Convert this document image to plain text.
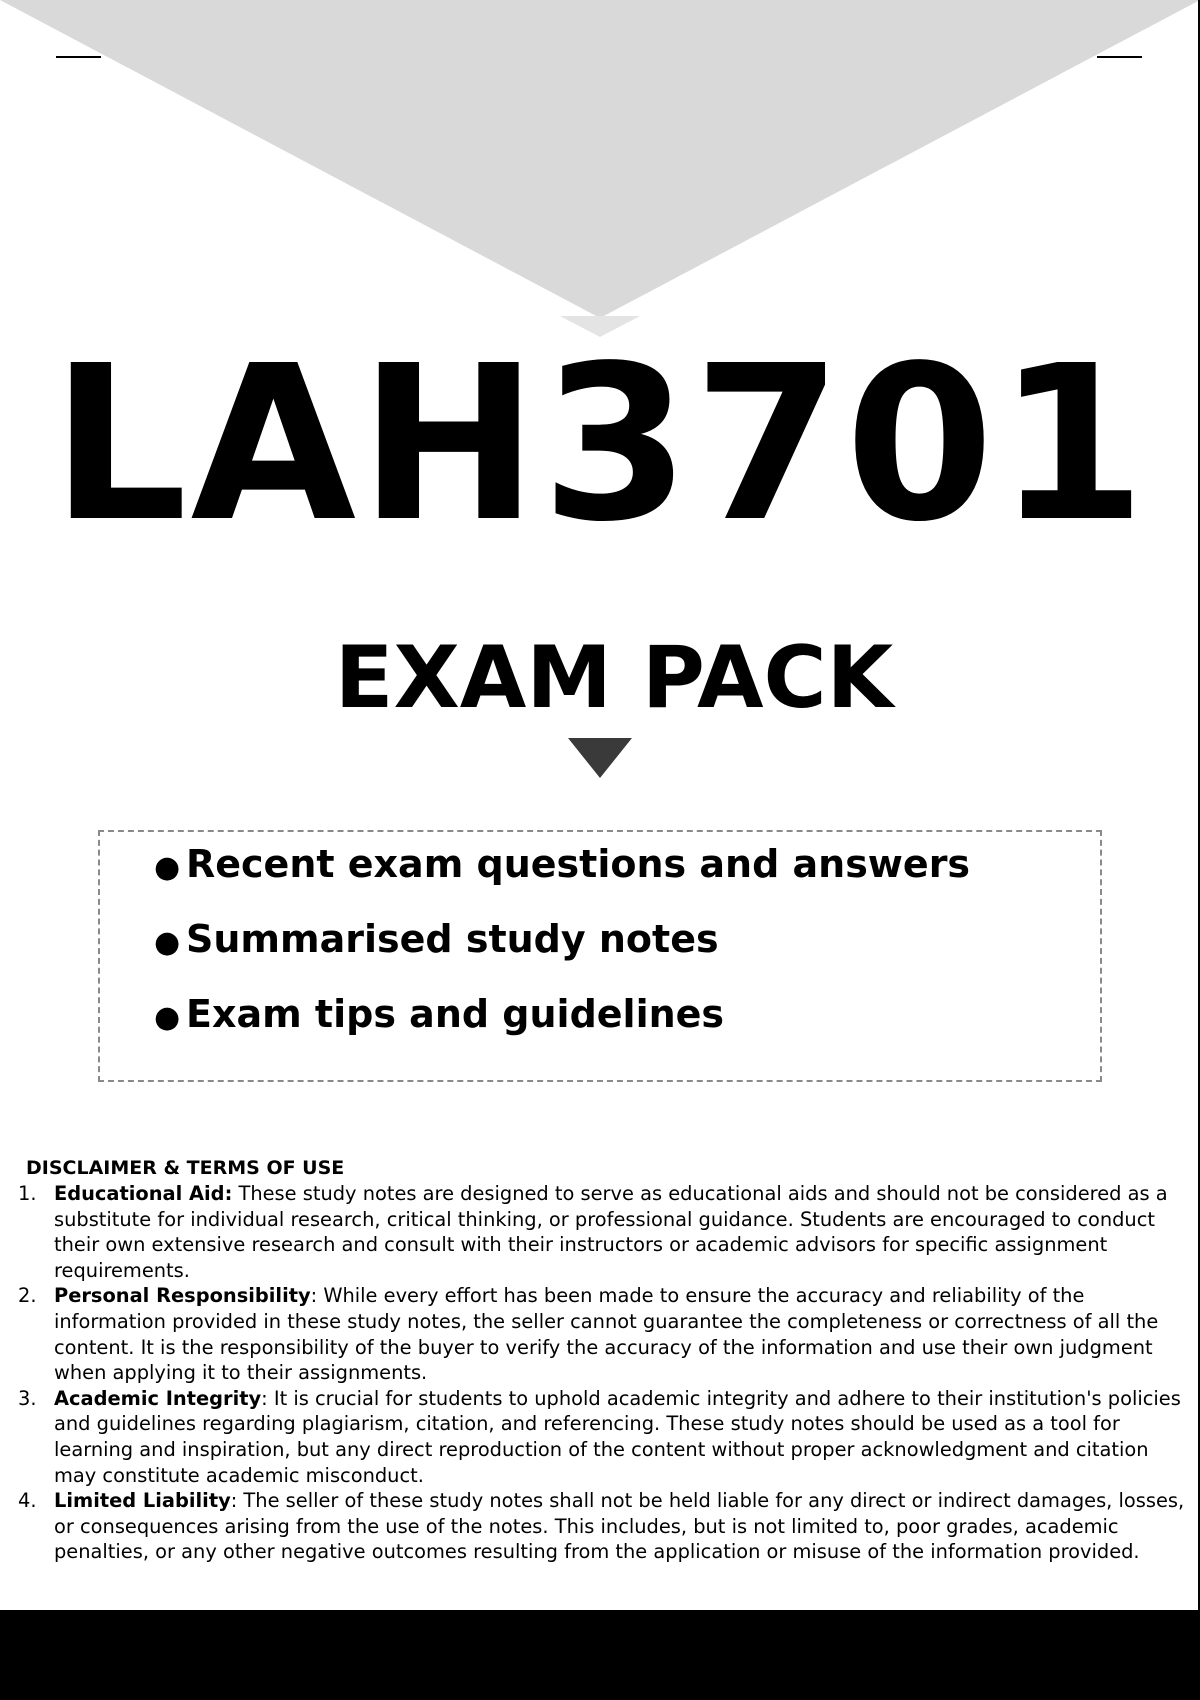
LAH3701
EXAM PACK
● Recent exam questions and answers
● Summarised study notes
● Exam tips and guidelines
DISCLAIMER & TERMS OF USE
1. Educational Aid: These study notes are designed to serve as educational aids and should not be considered as a substitute for individual research, critical thinking, or professional guidance. Students are encouraged to conduct their own extensive research and consult with their instructors or academic advisors for specific assignment requirements.
2. Personal Responsibility: While every effort has been made to ensure the accuracy and reliability of the information provided in these study notes, the seller cannot guarantee the completeness or correctness of all the content. It is the responsibility of the buyer to verify the accuracy of the information and use their own judgment when applying it to their assignments.
3. Academic Integrity: It is crucial for students to uphold academic integrity and adhere to their institution's policies and guidelines regarding plagiarism, citation, and referencing. These study notes should be used as a tool for learning and inspiration, but any direct reproduction of the content without proper acknowledgment and citation may constitute academic misconduct.
4. Limited Liability: The seller of these study notes shall not be held liable for any direct or indirect damages, losses, or consequences arising from the use of the notes. This includes, but is not limited to, poor grades, academic penalties, or any other negative outcomes resulting from the application or misuse of the information provided.
